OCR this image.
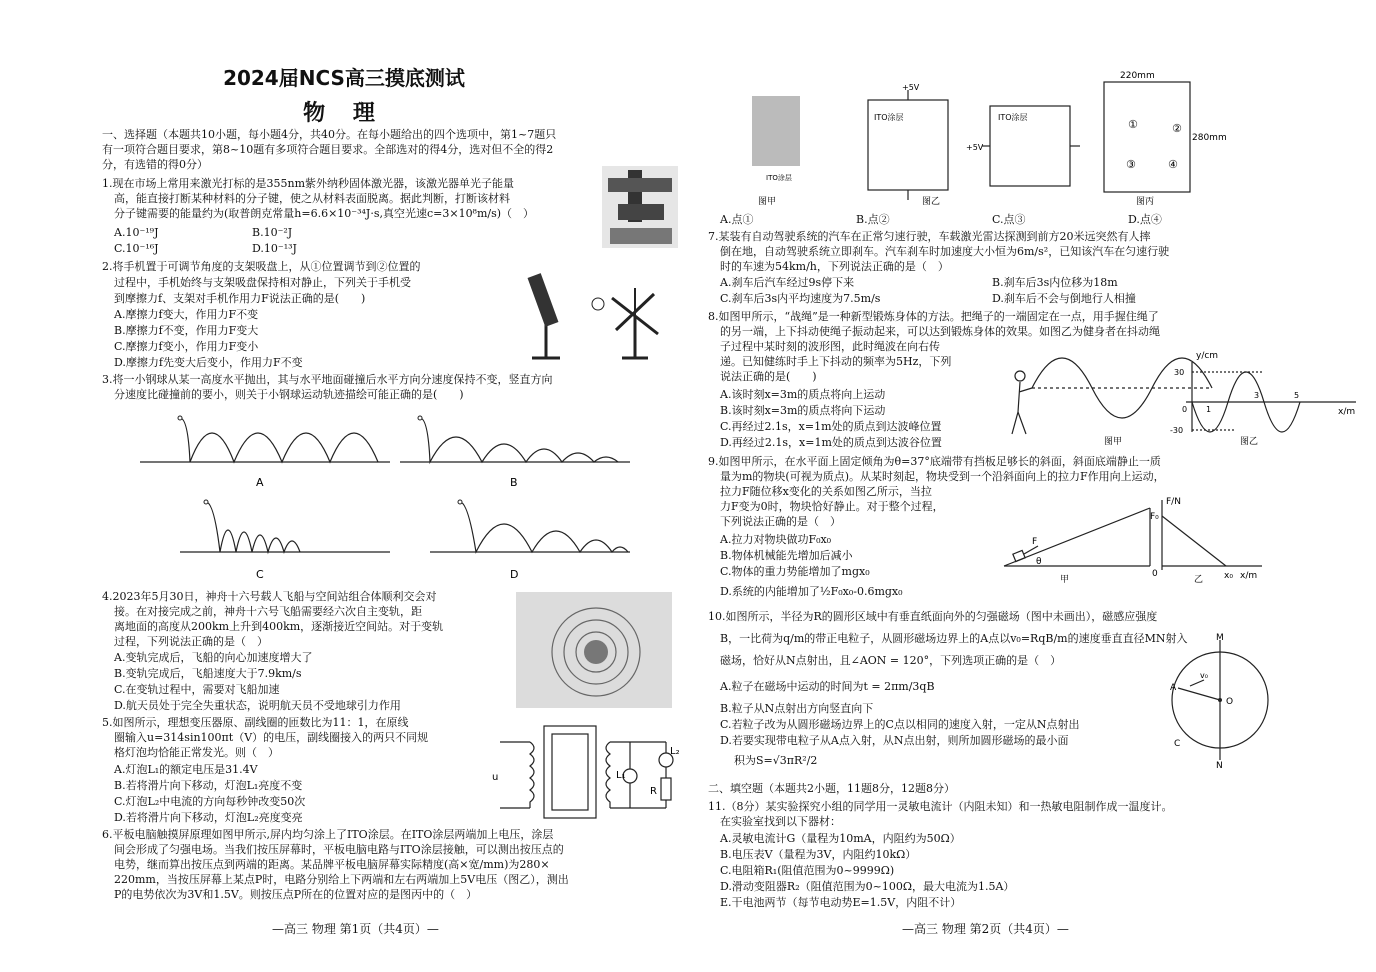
2024届NCS高三摸底测试
物 理
一、选择题（本题共10小题，每小题4分，共40分。在每小题给出的四个选项中，第1~7题只
有一项符合题目要求，第8~10题有多项符合题目要求。全部选对的得4分，选对但不全的得2
分，有选错的得0分）
1.现在市场上常用来激光打标的是355nm紫外纳秒固体激光器，该激光器单光子能量
高，能直接打断某种材料的分子键，使之从材料表面脱离。据此判断，打断该材料
分子键需要的能量约为(取普朗克常量h=6.6×10⁻³⁴J·s,真空光速c=3×10⁸m/s)（　）
A.10⁻¹⁹J	B.10⁻²J
C.10⁻¹⁶J	D.10⁻¹³J
2.将手机置于可调节角度的支架吸盘上，从①位置调节到②位置的
过程中，手机始终与支架吸盘保持相对静止，下列关于手机受
到摩擦力f、支架对手机作用力F说法正确的是(　　)
A.摩擦力f变大，作用力F不变
B.摩擦力f不变，作用力F变大
C.摩擦力f变小，作用力F变小
D.摩擦力f先变大后变小，作用力F不变
3.将一小钢球从某一高度水平抛出，其与水平地面碰撞后水平方向分速度保持不变，竖直方向
分速度比碰撞前的要小，则关于小钢球运动轨迹描绘可能正确的是(　　)
A	B
C	D
4.2023年5月30日，神舟十六号载人飞船与空间站组合体顺利交会对
接。在对接完成之前，神舟十六号飞船需要经六次自主变轨，距
离地面的高度从200km上升到400km，逐渐接近空间站。对于变轨
过程，下列说法正确的是（　）
A.变轨完成后，飞船的向心加速度增大了
B.变轨完成后，飞船速度大于7.9km/s
C.在变轨过程中，需要对飞船加速
D.航天员处于完全失重状态，说明航天员不受地球引力作用
5.如图所示，理想变压器原、副线圈的匝数比为11：1，在原线
圈输入u=314sin100πt（V）的电压，副线圈接入的两只不同规
格灯泡均恰能正常发光。则（　）
A.灯泡L₁的额定电压是31.4V
B.若将滑片向下移动，灯泡L₁亮度不变
C.灯泡L₂中电流的方向每秒钟改变50次
D.若将滑片向下移动，灯泡L₂亮度变亮
u	L₁
L₂
R
6.平板电脑触摸屏原理如图甲所示,屏内均匀涂上了ITO涂层。在ITO涂层两端加上电压，涂层
间会形成了匀强电场。当我们按压屏幕时，平板电脑电路与ITO涂层接触，可以测出按压点的
电势，继而算出按压点到两端的距离。某品牌平板电脑屏幕实际精度(高×宽/mm)为280×
220mm，当按压屏幕上某点P时，电路分别给上下两端和左右两端加上5V电压（图乙），测出
P的电势依次为3V和1.5V。则按压点P所在的位置对应的是图丙中的（　）
—高三 物理 第1页（共4页）—
+5V
ITO涂层
+5V
ITO涂层
ITO涂层
220mm
280mm
①	②
③	④
图甲	图乙	图丙
A.点①	B.点②	C.点③	D.点④
7.某装有自动驾驶系统的汽车在正常匀速行驶，车载激光雷达探测到前方20米远突然有人摔
倒在地，自动驾驶系统立即刹车。汽车刹车时加速度大小恒为6m/s²，已知该汽车在匀速行驶
时的车速为54km/h，下列说法正确的是（　）
A.刹车后汽车经过9s停下来	B.刹车后3s内位移为18m
C.刹车后3s内平均速度为7.5m/s	D.刹车后不会与倒地行人相撞
8.如图甲所示，“战绳”是一种新型锻炼身体的方法。把绳子的一端固定在一点，用手握住绳了
的另一端，上下抖动使绳子振动起来，可以达到锻炼身体的效果。如图乙为健身者在抖动绳
子过程中某时刻的波形图，此时绳波在向右传
递。已知健练时手上下抖动的频率为5Hz，下列
说法正确的是(　　)
A.该时刻x=3m的质点将向上运动
B.该时刻x=3m的质点将向下运动
C.再经过2.1s，x=1m处的质点到达波峰位置
D.再经过2.1s，x=1m处的质点到达波谷位置
y/cm
x/m
30
-30
0 1
3	5
图甲	图乙
9.如图甲所示，在水平面上固定倾角为θ=37°底端带有挡板足够长的斜面，斜面底端静止一质
量为m的物块(可视为质点)。从某时刻起，物块受到一个沿斜面向上的拉力F作用向上运动，
拉力F随位移x变化的关系如图乙所示，当拉
力F变为0时，物块恰好静止。对于整个过程，
下列说法正确的是（　）
A.拉力对物块做功F₀x₀
B.物体机械能先增加后减小
C.物体的重力势能增加了mgx₀
D.系统的内能增加了½F₀x₀-0.6mgx₀
F
θ
F/N
F₀
0	x₀ x/m
甲	乙
10.如图所示，半径为R的圆形区域中有垂直纸面向外的匀强磁场（图中未画出），磁感应强度
B，一比荷为q/m的带正电粒子，从圆形磁场边界上的A点以v₀=RqB/m的速度垂直直径MN射入
磁场，恰好从N点射出，且∠AON = 120°，下列选项正确的是（　）
A.粒子在磁场中运动的时间为t = 2πm/3qB
B.粒子从N点射出方向竖直向下
C.若粒子改为从圆形磁场边界上的C点以相同的速度入射，一定从N点射出
D.若要实现带电粒子从A点入射，从N点出射，则所加圆形磁场的最小面
积为S=√3πR²/2
M
N
A
C
O
v₀
二、填空题（本题共2小题，11题8分，12题8分）
11.（8分）某实验探究小组的同学用一灵敏电流计（内阻未知）和一热敏电阻制作成一温度计。
在实验室找到以下器材：
A.灵敏电流计G（量程为10mA，内阻约为50Ω）
B.电压表V（量程为3V，内阻约10kΩ）
C.电阻箱R₁(阻值范围为0~9999Ω)
D.滑动变阻器R₂（阻值范围为0~100Ω，最大电流为1.5A）
E.干电池两节（每节电动势E=1.5V，内阻不计）
—高三 物理 第2页（共4页）—
